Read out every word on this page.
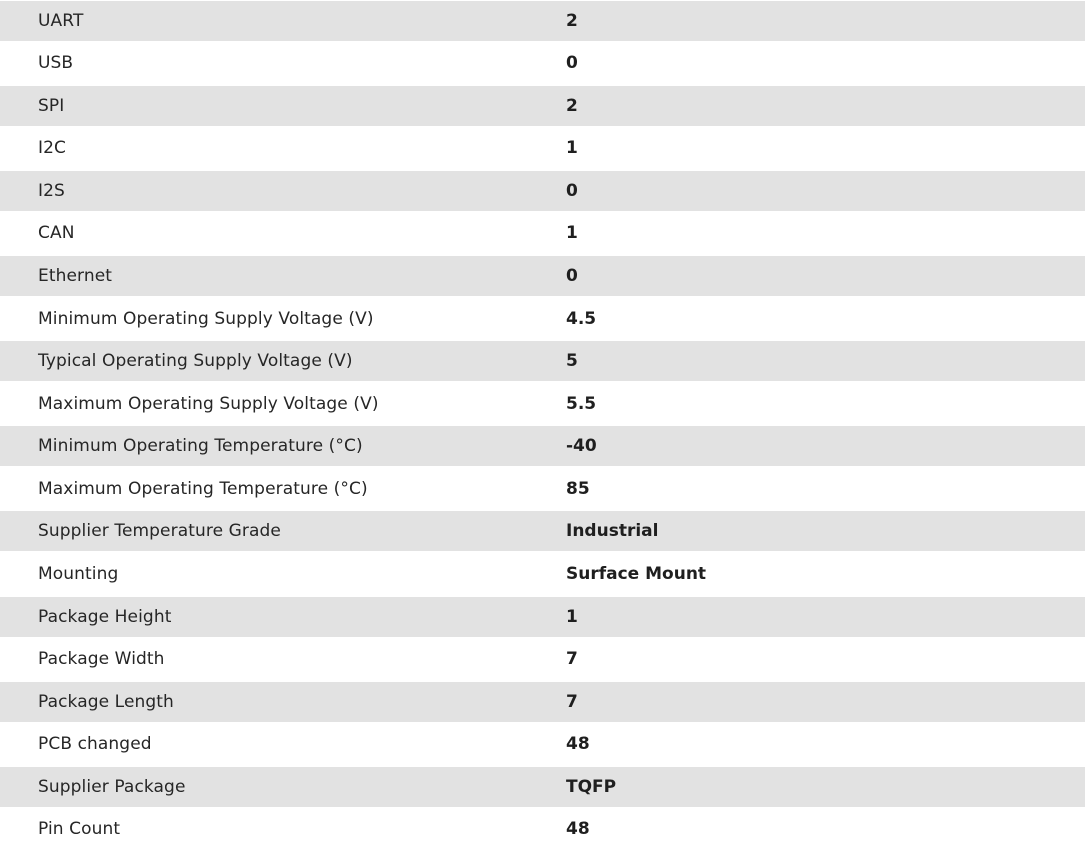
UART	2
USB	0
SPI	2
I2C	1
I2S	0
CAN	1
Ethernet	0
Minimum Operating Supply Voltage (V)	4.5
Typical Operating Supply Voltage (V)	5
Maximum Operating Supply Voltage (V)	5.5
Minimum Operating Temperature (°C)	-40
Maximum Operating Temperature (°C)	85
Supplier Temperature Grade	Industrial
Mounting	Surface Mount
Package Height	1
Package Width	7
Package Length	7
PCB changed	48
Supplier Package	TQFP
Pin Count	48
